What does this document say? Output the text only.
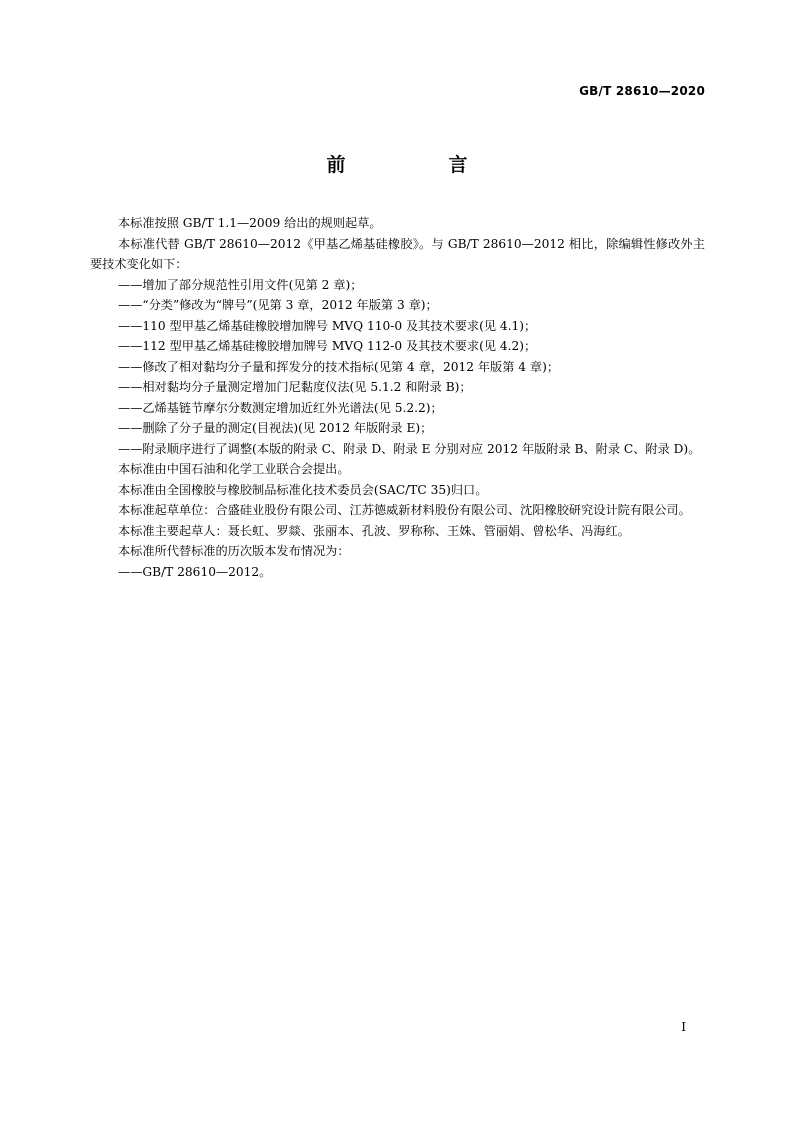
GB/T 28610—2020
前　言

本标准按照 GB/T 1.1—2009 给出的规则起草。

本标准代替 GB/T 28610—2012《甲基乙烯基硅橡胶》。与 GB/T 28610—2012 相比，除编辑性修改外主要技术变化如下：

——增加了部分规范性引用文件(见第 2 章)；

——“分类”修改为“牌号”(见第 3 章，2012 年版第 3 章)；

——110 型甲基乙烯基硅橡胶增加牌号 MVQ 110-0 及其技术要求(见 4.1)；

——112 型甲基乙烯基硅橡胶增加牌号 MVQ 112-0 及其技术要求(见 4.2)；

——修改了相对黏均分子量和挥发分的技术指标(见第 4 章，2012 年版第 4 章)；

——相对黏均分子量测定增加门尼黏度仪法(见 5.1.2 和附录 B)；

——乙烯基链节摩尔分数测定增加近红外光谱法(见 5.2.2)；

——删除了分子量的测定(目视法)(见 2012 年版附录 E)；

——附录顺序进行了调整(本版的附录 C、附录 D、附录 E 分别对应 2012 年版附录 B、附录 C、附录 D)。

本标准由中国石油和化学工业联合会提出。

本标准由全国橡胶与橡胶制品标准化技术委员会(SAC/TC 35)归口。

本标准起草单位：合盛硅业股份有限公司、江苏德威新材料股份有限公司、沈阳橡胶研究设计院有限公司。

本标准主要起草人：聂长虹、罗燚、张丽本、孔波、罗称称、王姝、管丽娟、曾松华、冯海红。

本标准所代替标准的历次版本发布情况为：

——GB/T 28610—2012。

I
